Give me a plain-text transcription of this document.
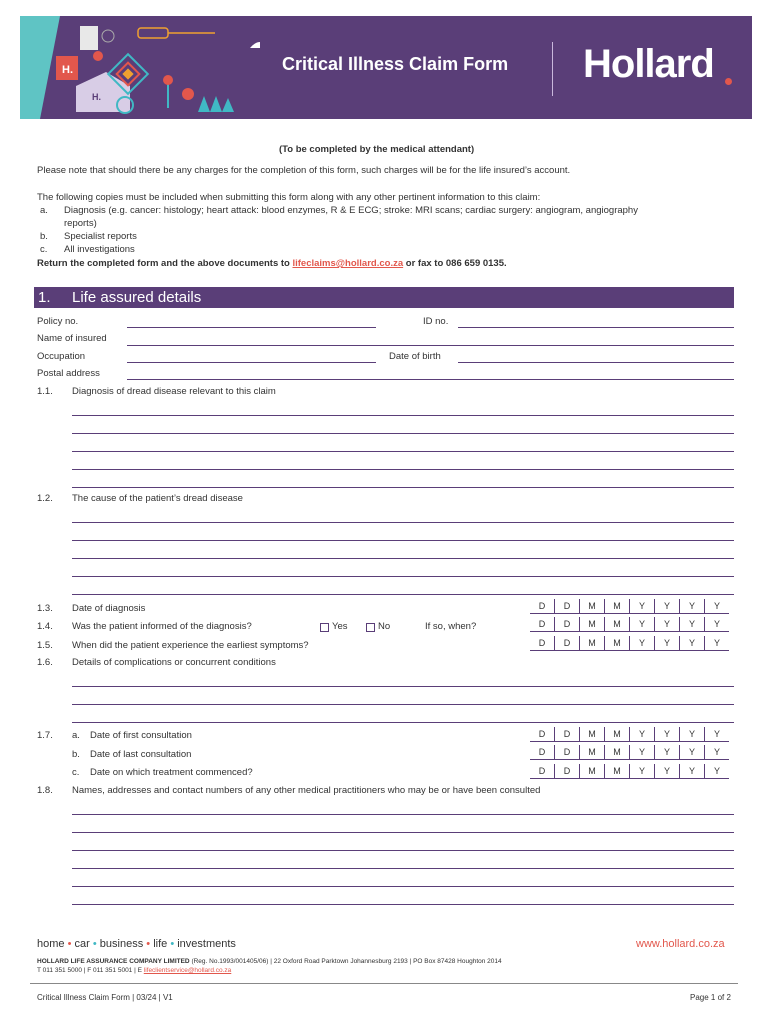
H.
H.
Critical Illness Claim Form Hollard
(To be completed by the medical attendant)
Please note that should there be any charges for the completion of this form, such charges will be for the life insured’s account.
The following copies must be included when submitting this form along with any other pertinent information to this claim:
a. Diagnosis (e.g. cancer: histology; heart attack: blood enzymes, R & E ECG; stroke: MRI scans; cardiac surgery: angiogram, angiography
reports)
b. Specialist reports
c. All investigations
Return the completed form and the above documents to lifeclaims@hollard.co.za or fax to 086 659 0135.
1. Life assured details
Policy no.	ID no.
Name of insured
Occupation	Date of birth
Postal address
1.1. Diagnosis of dread disease relevant to this claim
1.2. The cause of the patient’s dread disease
1.3. Date of diagnosis	D	D	M	M	Y	Y	Y	Y
1.4. Was the patient informed of the diagnosis?	Yes	No	If so, when?	D	D	M	M	Y	Y	Y	Y
1.5. When did the patient experience the earliest symptoms?	D	D	M	M	Y	Y	Y	Y
1.6. Details of complications or concurrent conditions
1.7. a. Date of first consultation	D	D	M	M	Y	Y	Y	Y
b. Date of last consultation	D	D	M	M	Y	Y	Y	Y
c. Date on which treatment commenced?	D	D	M	M	Y	Y	Y	Y
1.8. Names, addresses and contact numbers of any other medical practitioners who may be or have been consulted
home • car • business • life • investments	www.hollard.co.za
HOLLARD LIFE ASSURANCE COMPANY LIMITED (Reg. No.1993/001405/06) | 22 Oxford Road Parktown Johannesburg 2193 | PO Box 87428 Houghton 2014
T 011 351 5000 | F 011 351 5001 | E lifeclientservice@hollard.co.za
Critical Illness Claim Form | 03/24 | V1	Page 1 of 2
